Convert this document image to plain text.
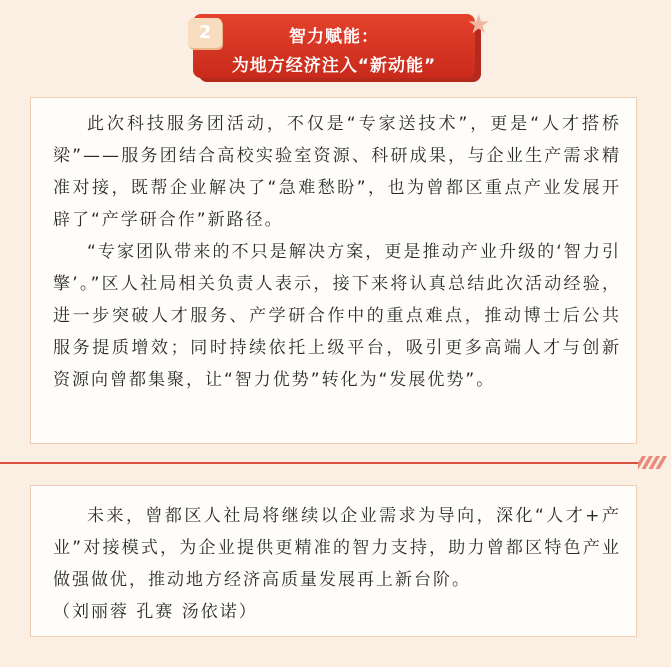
智力赋能：
为地方经济注入“新动能”
2	★

此次科技服务团活动，不仅是“专家送技术”，更是“人才搭桥梁”——服务团结合高校实验室资源、科研成果，与企业生产需求精准对接，既帮企业解决了“急难愁盼”，也为曾都区重点产业发展开辟了“产学研合作”新路径。

“专家团队带来的不只是解决方案，更是推动产业升级的‘智力引擎’。”区人社局相关负责人表示，接下来将认真总结此次活动经验，进一步突破人才服务、产学研合作中的重点难点，推动博士后公共服务提质增效；同时持续依托上级平台，吸引更多高端人才与创新资源向曾都集聚，让“智力优势”转化为“发展优势”。

未来，曾都区人社局将继续以企业需求为导向，深化“人才+产业”对接模式，为企业提供更精准的智力支持，助力曾都区特色产业做强做优，推动地方经济高质量发展再上新台阶。

（刘丽蓉 孔赛 汤依诺）
